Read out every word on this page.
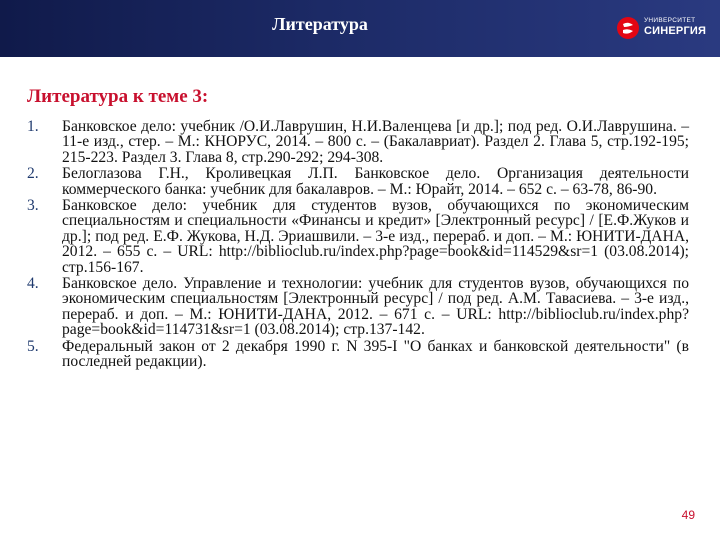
Литература	УНИВЕРСИТЕТ
СИНЕРГИЯ
Литература к теме 3:
1. Банковское дело: учебник /О.И.Лаврушин, Н.И.Валенцева [и др.]; под ред. О.И.Лаврушина. – 11-е изд., стер. – М.: КНОРУС, 2014. – 800 с. – (Бакалавриат). Раздел 2. Глава 5, стр.192-195; 215-223. Раздел 3. Глава 8, стр.290-292; 294-308.
2. Белоглазова Г.Н., Кроливецкая Л.П. Банковское дело. Организация деятельности коммерческого банка: учебник для бакалавров. – М.: Юрайт, 2014. – 652 с. – 63-78, 86-90.
3. Банковское дело: учебник для студентов вузов, обучающихся по экономическим специальностям и специальности «Финансы и кредит» [Электронный ресурс] / [Е.Ф.Жуков и др.]; под ред. Е.Ф. Жукова, Н.Д. Эриашвили. – 3-е изд., перераб. и доп. – М.: ЮНИТИ-ДАНА, 2012. – 655 с. – URL: http://biblioclub.ru/index.php?page=book&id=114529&sr=1 (03.08.2014); стр.156-167.
4. Банковское дело. Управление и технологии: учебник для студентов вузов, обучающихся по экономическим специальностям [Электронный ресурс] / под ред. А.М. Тавасиева. – 3-е изд., перераб. и доп. – М.: ЮНИТИ-ДАНА, 2012. – 671 с. – URL: http://biblioclub.ru/index.php?page=book&id=114731&sr=1 (03.08.2014); стр.137-142.
5. Федеральный закон от 2 декабря 1990 г. N 395-I "О банках и банковской деятельности" (в последней редакции).
49
